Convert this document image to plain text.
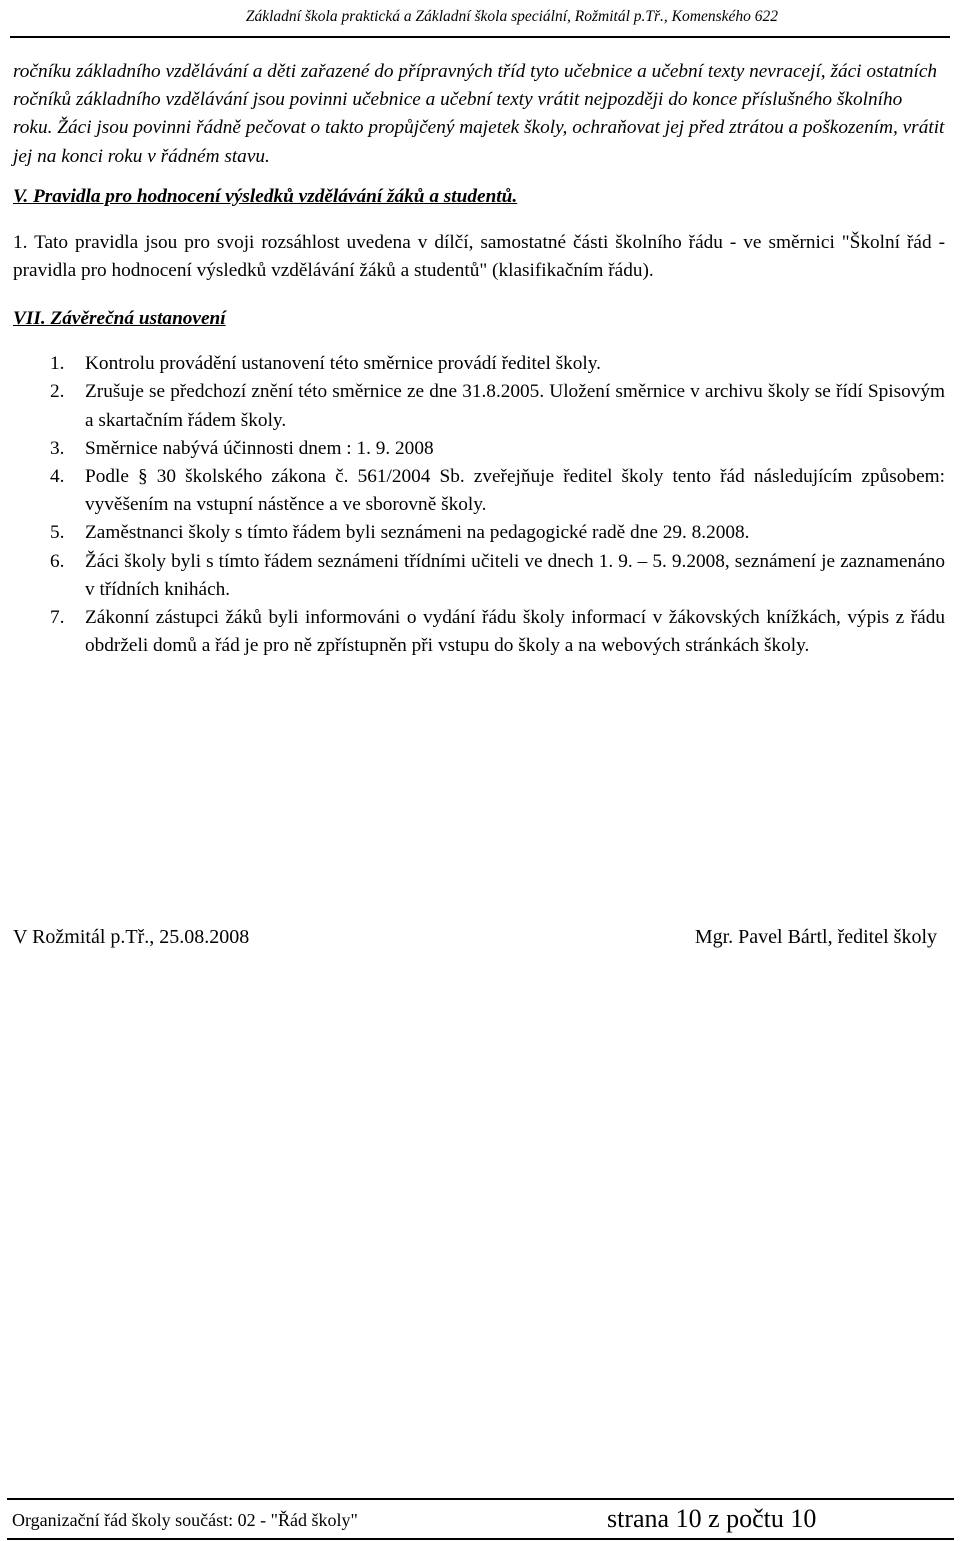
Základní škola praktická a Základní škola speciální, Rožmitál p.Tř., Komenského 622

ročníku základního vzdělávání a děti zařazené do přípravných tříd tyto učebnice a učební texty nevracejí, žáci ostatních ročníků základního vzdělávání jsou povinni učebnice a učební texty vrátit nejpozději do konce příslušného školního roku. Žáci jsou povinni řádně pečovat o takto propůjčený majetek školy, ochraňovat jej před ztrátou a poškozením, vrátit jej na konci roku v řádném stavu.

V. Pravidla pro hodnocení výsledků vzdělávání žáků a studentů.

1. Tato pravidla jsou pro svoji rozsáhlost uvedena v dílčí, samostatné části školního řádu - ve směrnici "Školní řád - pravidla pro hodnocení výsledků vzdělávání žáků a studentů" (klasifikačním řádu).

VII. Závěrečná ustanovení
1. Kontrolu provádění ustanovení této směrnice provádí ředitel školy.
2. Zrušuje se předchozí znění této směrnice ze dne 31.8.2005. Uložení směrnice v archivu školy se řídí Spisovým a skartačním řádem školy.
3. Směrnice nabývá účinnosti dnem : 1. 9. 2008
4. Podle § 30 školského zákona č. 561/2004 Sb. zveřejňuje ředitel školy tento řád následujícím způsobem: vyvěšením na vstupní nástěnce a ve sborovně školy.
5. Zaměstnanci školy s tímto řádem byli seznámeni na pedagogické radě dne 29. 8.2008.
6. Žáci školy byli s tímto řádem seznámeni třídními učiteli ve dnech 1. 9. – 5. 9.2008, seznámení je zaznamenáno v třídních knihách.
7. Zákonní zástupci žáků byli informováni o vydání řádu školy informací v žákovských knížkách, výpis z řádu obdrželi domů a řád je pro ně zpřístupněn při vstupu do školy a na webových stránkách školy.
V Rožmitál p.Tř., 25.08.2008	Mgr. Pavel Bártl, ředitel školy
Organizační řád školy součást: 02 - "Řád školy"	strana 10 z počtu 10
